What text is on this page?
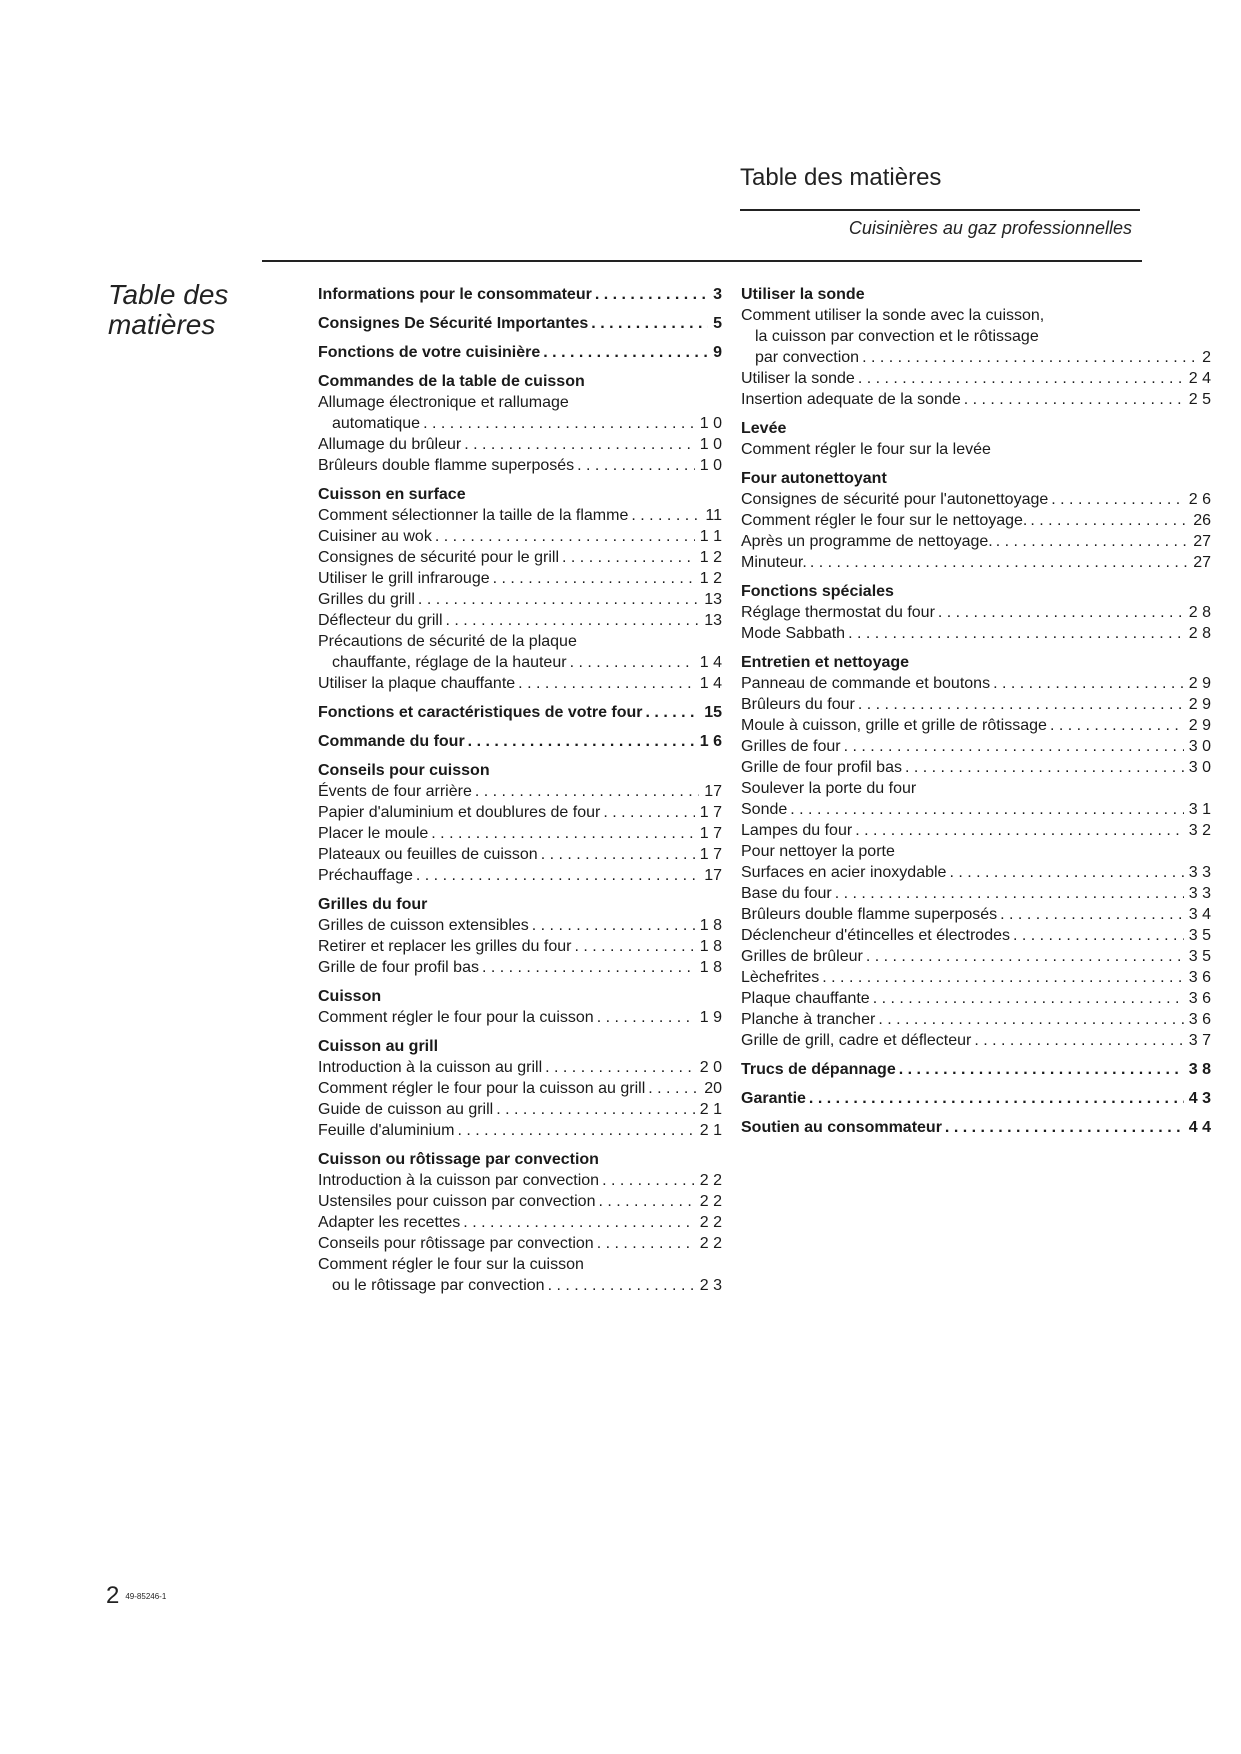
Table des matières
Cuisinières au gaz professionnelles
Table des matières
Informations pour le consommateur . . .	3
Consignes De Sécurité Importantes . . .	5
Fonctions de votre cuisinière . . .	9
Commandes de la table de cuisson
Allumage électronique et rallumage
automatique . . .	1 0
Allumage du brûleur . . .	1 0
Brûleurs double flamme superposés . . .	1 0
Cuisson en surface
Comment sélectionner la taille de la flamme . . .	11
Cuisiner au wok . . .	1 1
Consignes de sécurité pour le grill . . .	1 2
Utiliser le grill infrarouge . . .	1 2
Grilles du grill . . .	13
Déflecteur du grill . . .	13
Précautions de sécurité de la plaque
chauffante, réglage de la hauteur . . .	1 4
Utiliser la plaque chauffante . . .	1 4
Fonctions et caractéristiques de votre four . . .	15
Commande du four . . .	1 6
Conseils pour cuisson
Évents de four arrière . . .	17
Papier d'aluminium et doublures de four . . .	1 7
Placer le moule . . .	1 7
Plateaux ou feuilles de cuisson . . .	1 7
Préchauffage . . .	17
Grilles du four
Grilles de cuisson extensibles . . .	1 8
Retirer et replacer les grilles du four . . .	1 8
Grille de four profil bas . . .	1 8
Cuisson
Comment régler le four pour la cuisson . . .	1 9
Cuisson au grill
Introduction à la cuisson au grill . . .	2 0
Comment régler le four pour la cuisson au grill . . .	20
Guide de cuisson au grill . . .	2 1
Feuille d'aluminium . . .	2 1
Cuisson ou rôtissage par convection
Introduction à la cuisson par convection . . .	2 2
Ustensiles pour cuisson par convection . . .	2 2
Adapter les recettes . . .	2 2
Conseils pour rôtissage par convection . . .	2 2
Comment régler le four sur la cuisson
ou le rôtissage par convection . . .	2 3
Utiliser la sonde
Comment utiliser la sonde avec la cuisson,
la cuisson par convection et le rôtissage
par convection . . .	2
Utiliser la sonde . . .	2 4
Insertion adequate de la sonde . . .	2 5
Levée
Comment régler le four sur la levée
Four autonettoyant
Consignes de sécurité pour l'autonettoyage . . .	2 6
Comment régler le four sur le nettoyage. . . .	26
Après un programme de nettoyage. . . .	27
Minuteur. . . .	27
Fonctions spéciales
Réglage thermostat du four . . .	2 8
Mode Sabbath . . .	2 8
Entretien et nettoyage
Panneau de commande et boutons . . .	2 9
Brûleurs du four . . .	2 9
Moule à cuisson, grille et grille de rôtissage . . .	2 9
Grilles de four . . .	3 0
Grille de four profil bas . . .	3 0
Soulever la porte du four
Sonde . . .	3 1
Lampes du four . . .	3 2
Pour nettoyer la porte
Surfaces en acier inoxydable . . .	3 3
Base du four . . .	3 3
Brûleurs double flamme superposés . . .	3 4
Déclencheur d'étincelles et électrodes . . .	3 5
Grilles de brûleur . . .	3 5
Lèchefrites . . .	3 6
Plaque chauffante . . .	3 6
Planche à trancher . . .	3 6
Grille de grill, cadre et déflecteur . . .	3 7
Trucs de dépannage . . .	3 8
Garantie . . .	4 3
Soutien au consommateur . . .	4 4
2 49-85246-1
